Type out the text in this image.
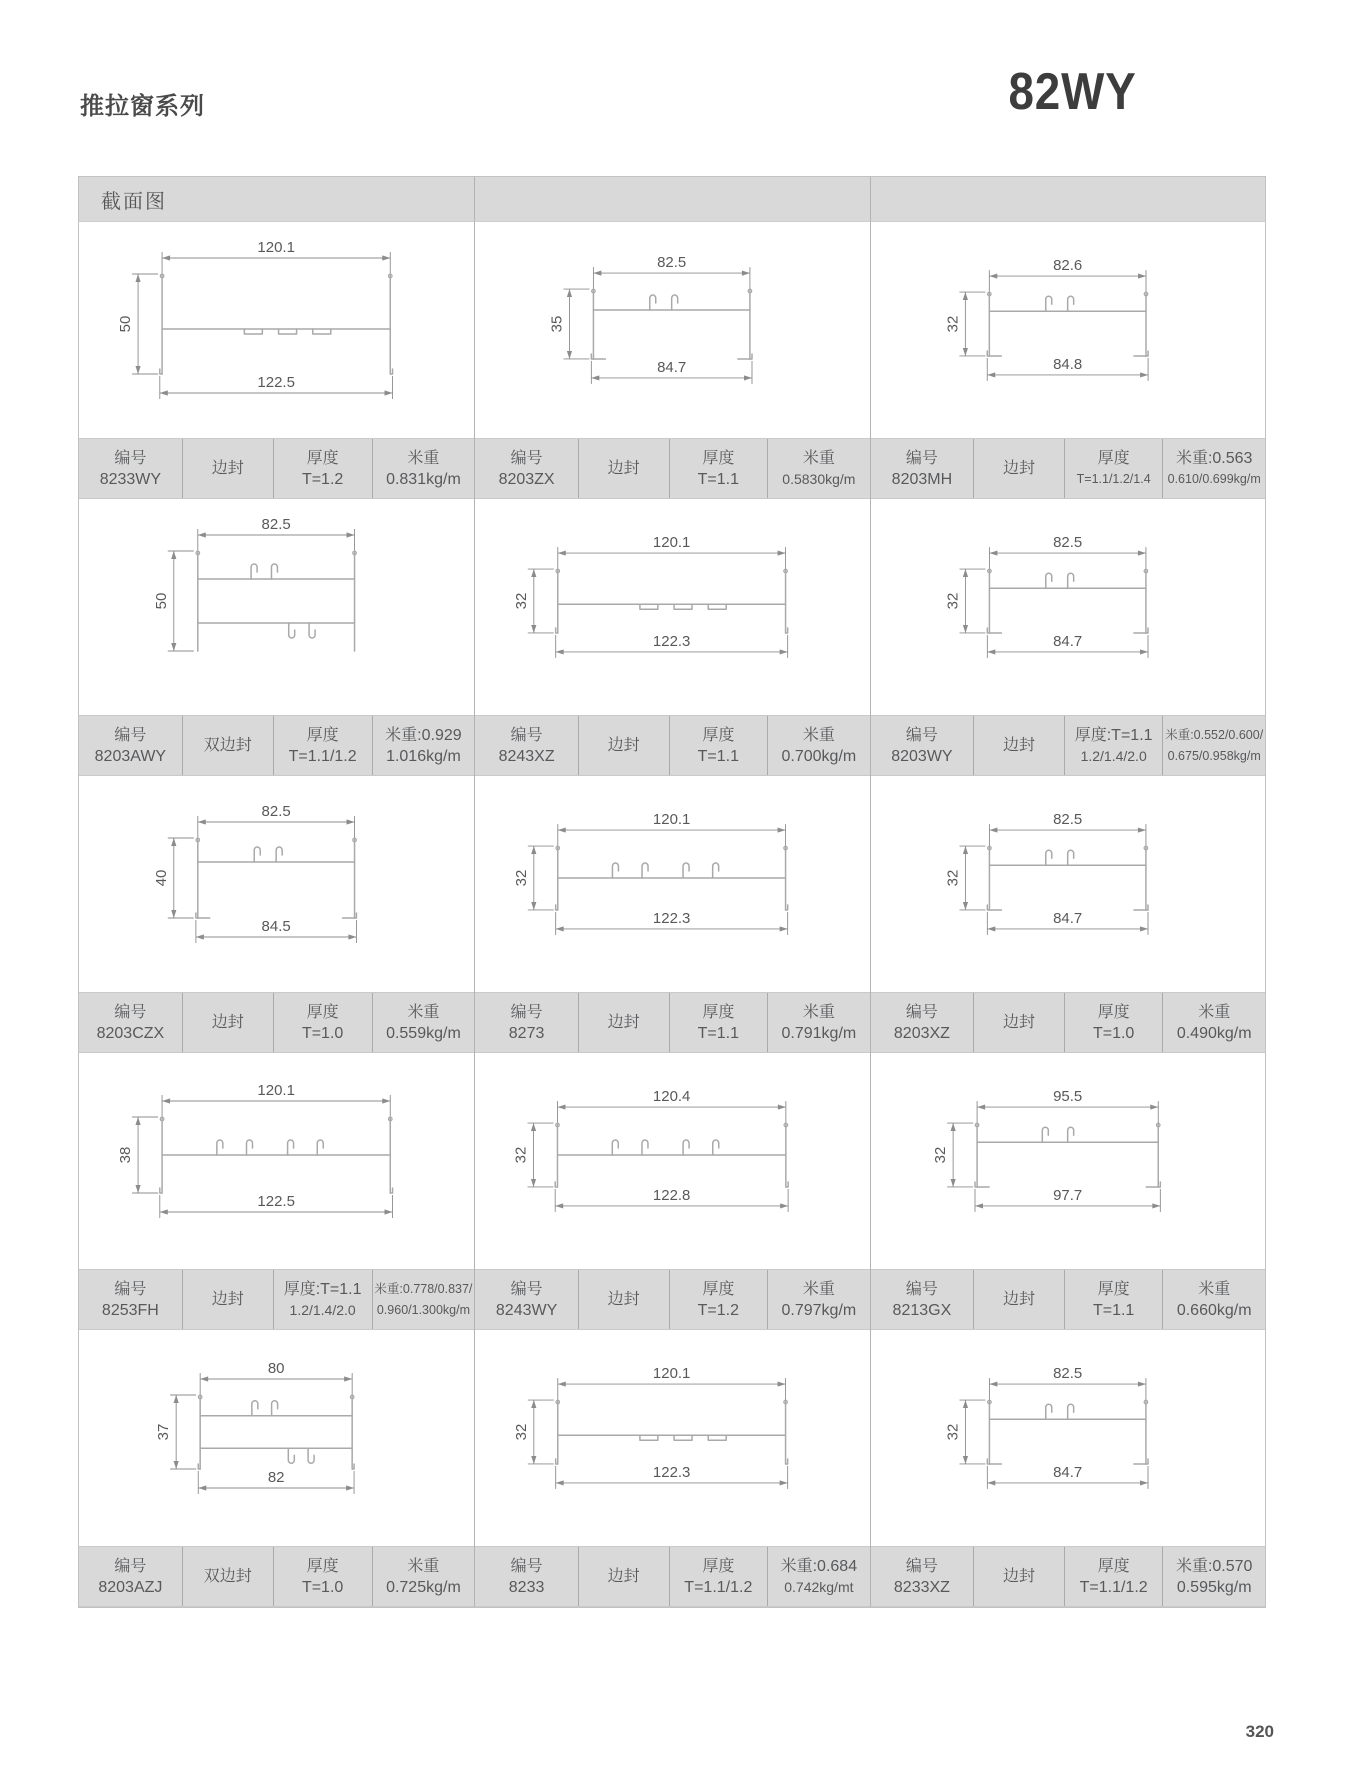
推拉窗系列	82WY
截面图
120.1
50
122.5
编号
8233WY
边封
厚度
T=1.2
米重
0.831kg/m
82.5
35
84.7
编号
8203ZX
边封
厚度
T=1.1
米重
0.5830kg/m
82.6
32
84.8
编号
8203MH
边封
厚度
T=1.1/1.2/1.4
米重:0.563
0.610/0.699kg/m
82.5
50
编号
8203AWY
双边封
厚度
T=1.1/1.2
米重:0.929
1.016kg/m
120.1
32
122.3
编号
8243XZ
边封
厚度
T=1.1
米重
0.700kg/m
82.5
32
84.7
编号
8203WY
边封
厚度:T=1.1
1.2/1.4/2.0
米重:0.552/0.600/
0.675/0.958kg/m
82.5
40
84.5
编号
8203CZX
边封
厚度
T=1.0
米重
0.559kg/m
120.1
32
122.3
编号
8273
边封
厚度
T=1.1
米重
0.791kg/m
82.5
32
84.7
编号
8203XZ
边封
厚度
T=1.0
米重
0.490kg/m
120.1
38
122.5
编号
8253FH
边封
厚度:T=1.1
1.2/1.4/2.0
米重:0.778/0.837/
0.960/1.300kg/m
120.4
32
122.8
编号
8243WY
边封
厚度
T=1.2
米重
0.797kg/m
95.5
32
97.7
编号
8213GX
边封
厚度
T=1.1
米重
0.660kg/m
80
37
82
编号
8203AZJ
双边封
厚度
T=1.0
米重
0.725kg/m
120.1
32
122.3
编号
8233
边封
厚度
T=1.1/1.2
米重:0.684
0.742kg/mt
82.5
32
84.7
编号
8233XZ
边封
厚度
T=1.1/1.2
米重:0.570
0.595kg/m
320
